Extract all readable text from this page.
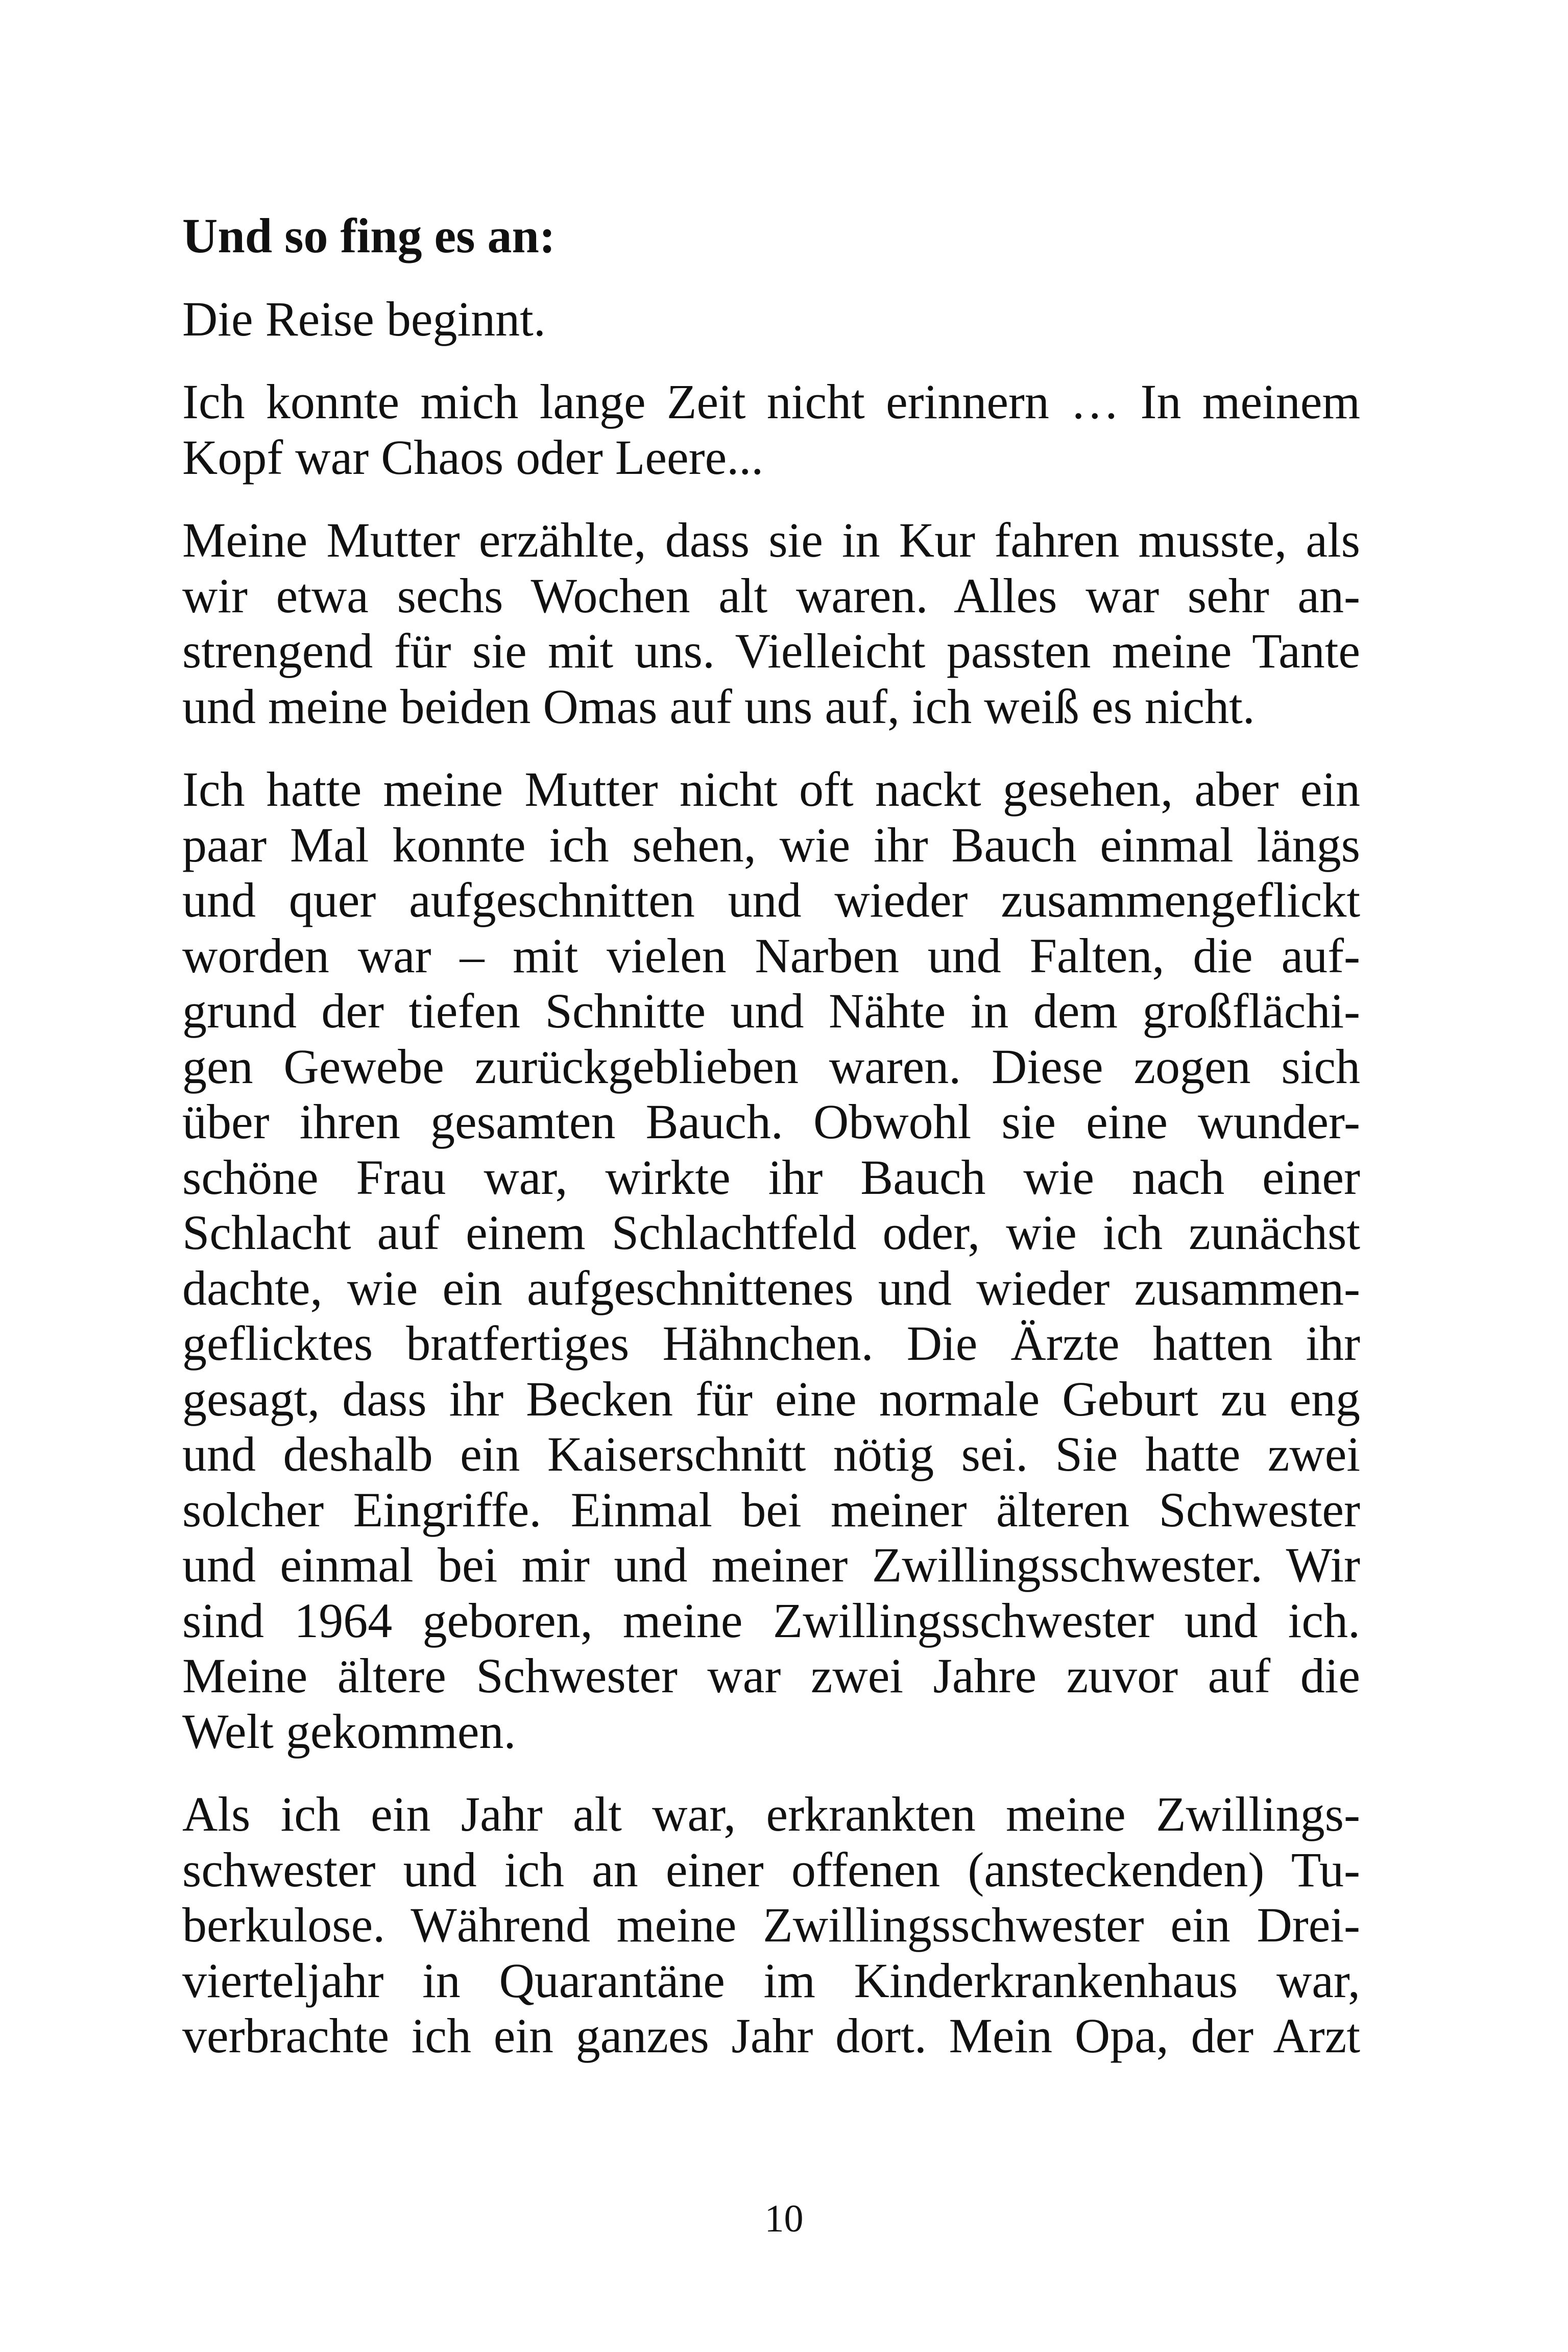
Und so fing es an:
Die Reise beginnt.
Ich konnte mich lange Zeit nicht erinnern … In meinem
Kopf war Chaos oder Leere...
Meine Mutter erzählte, dass sie in Kur fahren musste, als
wir etwa sechs Wochen alt waren. Alles war sehr an-
strengend für sie mit uns. Vielleicht passten meine Tante
und meine beiden Omas auf uns auf, ich weiß es nicht.
Ich hatte meine Mutter nicht oft nackt gesehen, aber ein
paar Mal konnte ich sehen, wie ihr Bauch einmal längs
und quer aufgeschnitten und wieder zusammengeflickt
worden war – mit vielen Narben und Falten, die auf-
grund der tiefen Schnitte und Nähte in dem großflächi-
gen Gewebe zurückgeblieben waren. Diese zogen sich
über ihren gesamten Bauch. Obwohl sie eine wunder-
schöne Frau war, wirkte ihr Bauch wie nach einer
Schlacht auf einem Schlachtfeld oder, wie ich zunächst
dachte, wie ein aufgeschnittenes und wieder zusammen-
geflicktes bratfertiges Hähnchen. Die Ärzte hatten ihr
gesagt, dass ihr Becken für eine normale Geburt zu eng
und deshalb ein Kaiserschnitt nötig sei. Sie hatte zwei
solcher Eingriffe. Einmal bei meiner älteren Schwester
und einmal bei mir und meiner Zwillingsschwester. Wir
sind 1964 geboren, meine Zwillingsschwester und ich.
Meine ältere Schwester war zwei Jahre zuvor auf die
Welt gekommen.
Als ich ein Jahr alt war, erkrankten meine Zwillings-
schwester und ich an einer offenen (ansteckenden) Tu-
berkulose. Während meine Zwillingsschwester ein Drei-
vierteljahr in Quarantäne im Kinderkrankenhaus war,
verbrachte ich ein ganzes Jahr dort. Mein Opa, der Arzt
10
